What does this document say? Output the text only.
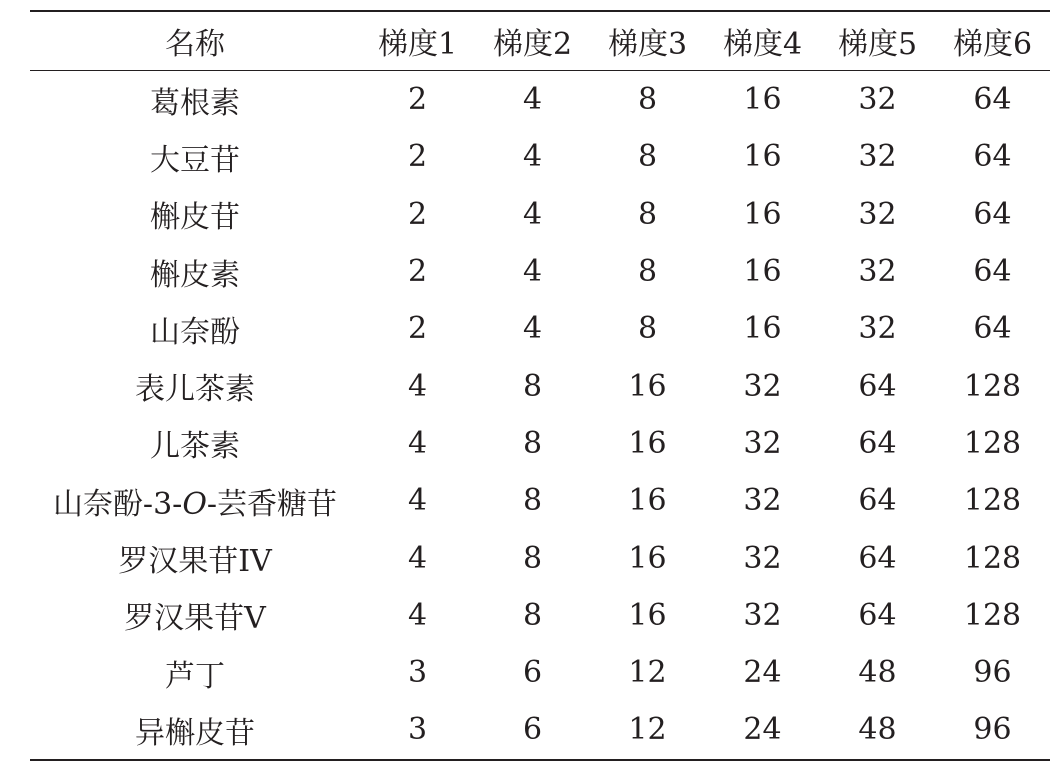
名称	梯度1	梯度2	梯度3	梯度4	梯度5	梯度6
葛根素	2	4	8	16	32	64
大豆苷	2	4	8	16	32	64
槲皮苷	2	4	8	16	32	64
槲皮素	2	4	8	16	32	64
山奈酚	2	4	8	16	32	64
表儿茶素	4	8	16	32	64	128
儿茶素	4	8	16	32	64	128
山奈酚-3-O-芸香糖苷	4	8	16	32	64	128
罗汉果苷IV	4	8	16	32	64	128
罗汉果苷V	4	8	16	32	64	128
芦丁	3	6	12	24	48	96
异槲皮苷	3	6	12	24	48	96
